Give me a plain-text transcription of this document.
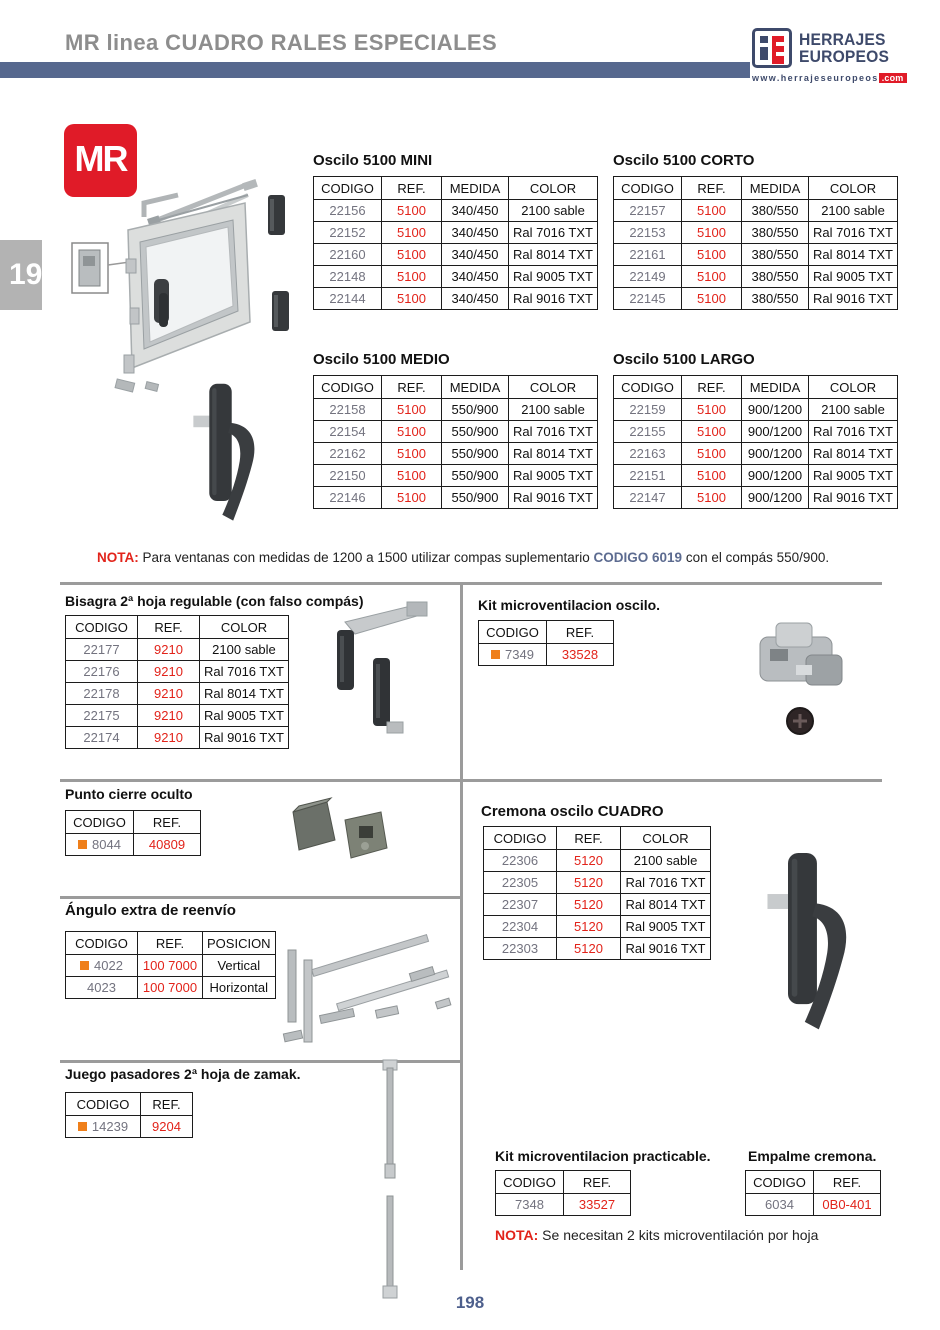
MR linea CUADRO RALES ESPECIALES	HERRAJES
EUROPEOS
www.herrajeseuropeos .com
19
MR	Oscilo 5100 MINI
CODIGO	REF.	MEDIDA	COLOR
22156	5100	340/450	2100 sable
22152	5100	340/450	Ral 7016 TXT
22160	5100	340/450	Ral 8014 TXT
22148	5100	340/450	Ral 9005 TXT
22144	5100	340/450	Ral 9016 TXT
Oscilo 5100 CORTO
CODIGO	REF.	MEDIDA	COLOR
22157	5100	380/550	2100 sable
22153	5100	380/550	Ral 7016 TXT
22161	5100	380/550	Ral 8014 TXT
22149	5100	380/550	Ral 9005 TXT
22145	5100	380/550	Ral 9016 TXT
Oscilo 5100 MEDIO
CODIGO	REF.	MEDIDA	COLOR
22158	5100	550/900	2100 sable
22154	5100	550/900	Ral 7016 TXT
22162	5100	550/900	Ral 8014 TXT
22150	5100	550/900	Ral 9005 TXT
22146	5100	550/900	Ral 9016 TXT
Oscilo 5100 LARGO
CODIGO	REF.	MEDIDA	COLOR
22159	5100	900/1200	2100 sable
22155	5100	900/1200	Ral 7016 TXT
22163	5100	900/1200	Ral 8014 TXT
22151	5100	900/1200	Ral 9005 TXT
22147	5100	900/1200	Ral 9016 TXT
NOTA: Para ventanas con medidas de 1200 a 1500 utilizar compas suplementario CODIGO 6019 con el compás 550/900.
Bisagra 2ª hoja regulable (con falso compás)
CODIGO	REF.	COLOR
22177	9210	2100 sable
22176	9210	Ral 7016 TXT
22178	9210	Ral 8014 TXT
22175	9210	Ral 9005 TXT
22174	9210	Ral 9016 TXT
Punto cierre oculto
CODIGO	REF.
8044	40809
Ángulo extra de reenvío
CODIGO	REF.	POSICION
4022	100 7000	Vertical
4023	100 7000	Horizontal
Juego pasadores 2ª hoja de zamak.
CODIGO	REF.
14239	9204
Kit microventilacion oscilo.
CODIGO	REF.
7349	33528
Cremona oscilo CUADRO
CODIGO	REF.	COLOR
22306	5120	2100 sable
22305	5120	Ral 7016 TXT
22307	5120	Ral 8014 TXT
22304	5120	Ral 9005 TXT
22303	5120	Ral 9016 TXT
Kit microventilacion practicable.
CODIGO	REF.
7348	33527
Empalme cremona.
CODIGO	REF.
6034	0B0-401
NOTA: Se necesitan 2 kits microventilación por hoja
198
